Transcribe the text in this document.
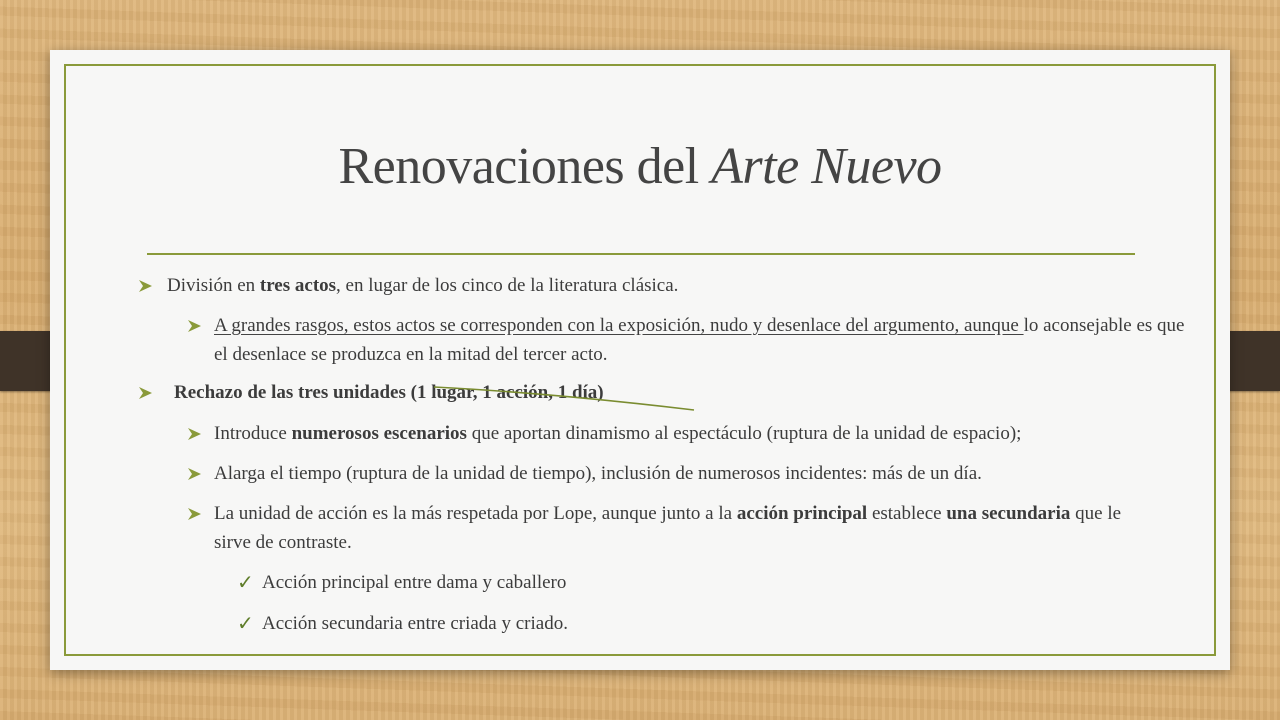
Renovaciones del Arte Nuevo
División en tres actos, en lugar de los cinco de la literatura clásica.
A grandes rasgos, estos actos se corresponden con la exposición, nudo y desenlace del argumento, aunque lo aconsejable es que el desenlace se produzca en la mitad del tercer acto.
Rechazo de las tres unidades (1 lugar, 1 acción, 1 día)
Introduce numerosos escenarios que aportan dinamismo al espectáculo (ruptura de la unidad de espacio);
Alarga el tiempo (ruptura de la unidad de tiempo), inclusión de numerosos incidentes: más de un día.
La unidad de acción es la más respetada por Lope, aunque junto a la acción principal establece una secundaria que le sirve de contraste.
✓ Acción principal entre dama y caballero
✓ Acción secundaria entre criada y criado.
